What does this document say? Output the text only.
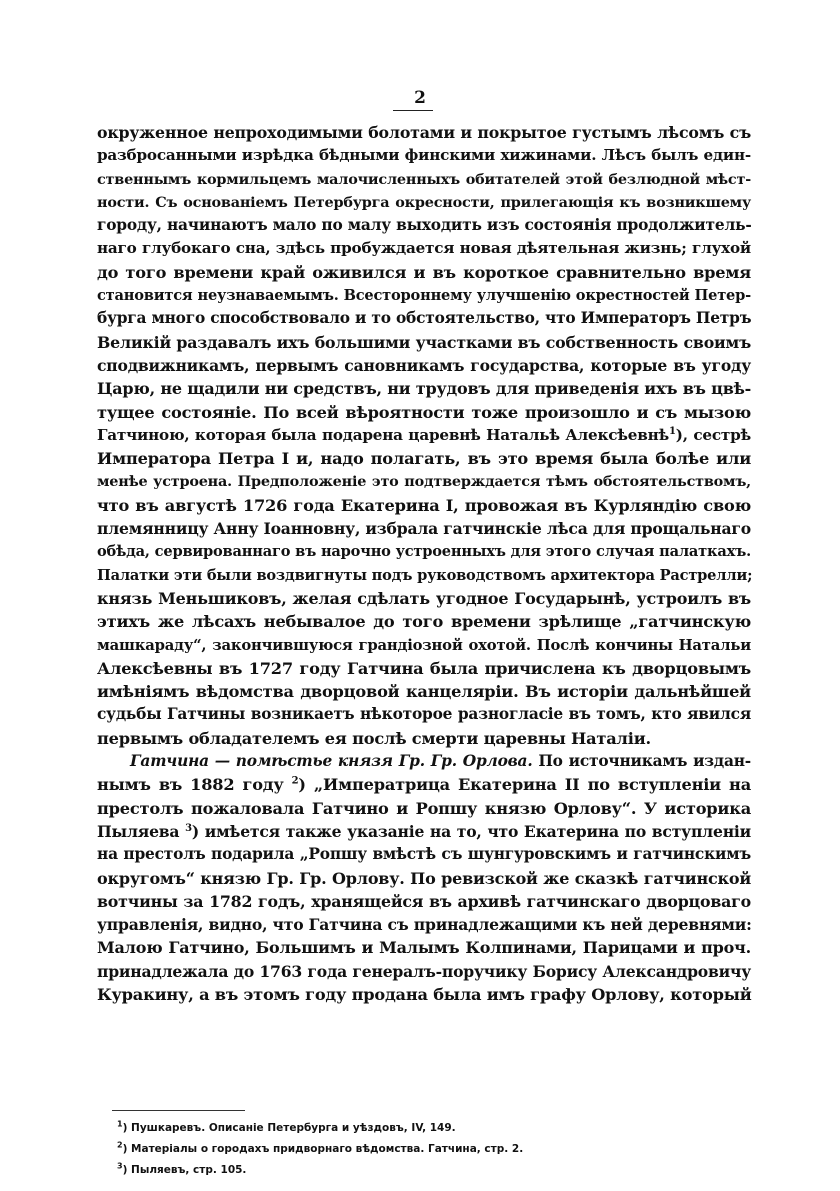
2

окруженное непроходимыми болотами и покрытое густымъ лѣсомъ съ
разбросанными изрѣдка бѣдными финскими хижинами. Лѣсъ былъ един-
ственнымъ кормильцемъ малочисленныхъ обитателей этой безлюдной мѣст-
ности. Съ основанiемъ Петербурга окресности, прилегающiя къ возникшему
городу, начинаютъ мало по малу выходить изъ состоянiя продолжитель-
наго глубокаго сна, здѣсь пробуждается новая дѣятельная жизнь; глухой
до того времени край оживился и въ короткое сравнительно время
становится неузнаваемымъ. Всестороннему улучшенiю окрестностей Петер-
бурга много способствовало и то обстоятельство, что Императоръ Петръ
Великiй раздавалъ ихъ большими участками въ собственность своимъ
сподвижникамъ, первымъ сановникамъ государства, которые въ угоду
Царю, не щадили ни средствъ, ни трудовъ для приведенiя ихъ въ цвѣ-
тущее состоянiе. По всей вѣроятности тоже произошло и съ мызою
Гатчиною, которая была подарена царевнѣ Натальѣ Алексѣевнѣ$^1$), сестрѣ
Императора Петра I и, надо полагать, въ это время была болѣе или
менѣе устроена. Предположенiе это подтверждается тѣмъ обстоятельствомъ,
что въ августѣ 1726 года Екатерина I, провожая въ Курляндiю свою
племянницу Анну Iоанновну, избрала гатчинскiе лѣса для прощальнаго
обѣда, сервированнаго въ нарочно устроенныхъ для этого случая палаткахъ.
Палатки эти были воздвигнуты подъ руководствомъ архитектора Растрелли;
князь Меньшиковъ, желая сдѣлать угодное Государынѣ, устроилъ въ
этихъ же лѣсахъ небывалое до того времени зрѣлище „гатчинскую
машкараду“, закончившуюся грандiозной охотой. Послѣ кончины Натальи
Алексѣевны въ 1727 году Гатчина была причислена къ дворцовымъ
имѣнiямъ вѣдомства дворцовой канцелярiи. Въ исторiи дальнѣйшей
судьбы Гатчины возникаетъ нѣкоторое разногласiе въ томъ, кто явился
первымъ обладателемъ ея послѣ смерти царевны Наталiи.

Гатчина — помѣстье князя Гр. Гр. Орлова. По источникамъ издан-
нымъ въ 1882 году $^2$) „Императрица Екатерина II по вступленiи на
престолъ пожаловала Гатчино и Ропшу князю Орлову“. У историка
Пыляева $^3$) имѣется также указанiе на то, что Екатерина по вступленiи
на престолъ подарила „Ропшу вмѣстѣ съ шунгуровскимъ и гатчинскимъ
округомъ“ князю Гр. Гр. Орлову. По ревизской же сказкѣ гатчинской
вотчины за 1782 годъ, хранящейся въ архивѣ гатчинскаго дворцоваго
управленiя, видно, что Гатчина съ принадлежащими къ ней деревнями:
Малою Гатчино, Большимъ и Малымъ Колпинами, Парицами и проч.
принадлежала до 1763 года генералъ-поручику Борису Александровичу
Куракину, а въ этомъ году продана была имъ графу Орлову, который

$^1$) Пушкаревъ. Описанiе Петербурга и уѣздовъ, IV, 149.
$^2$) Матерiалы о городахъ придворнаго вѣдомства. Гатчина, стр. 2.
$^3$) Пыляевъ, стр. 105.
